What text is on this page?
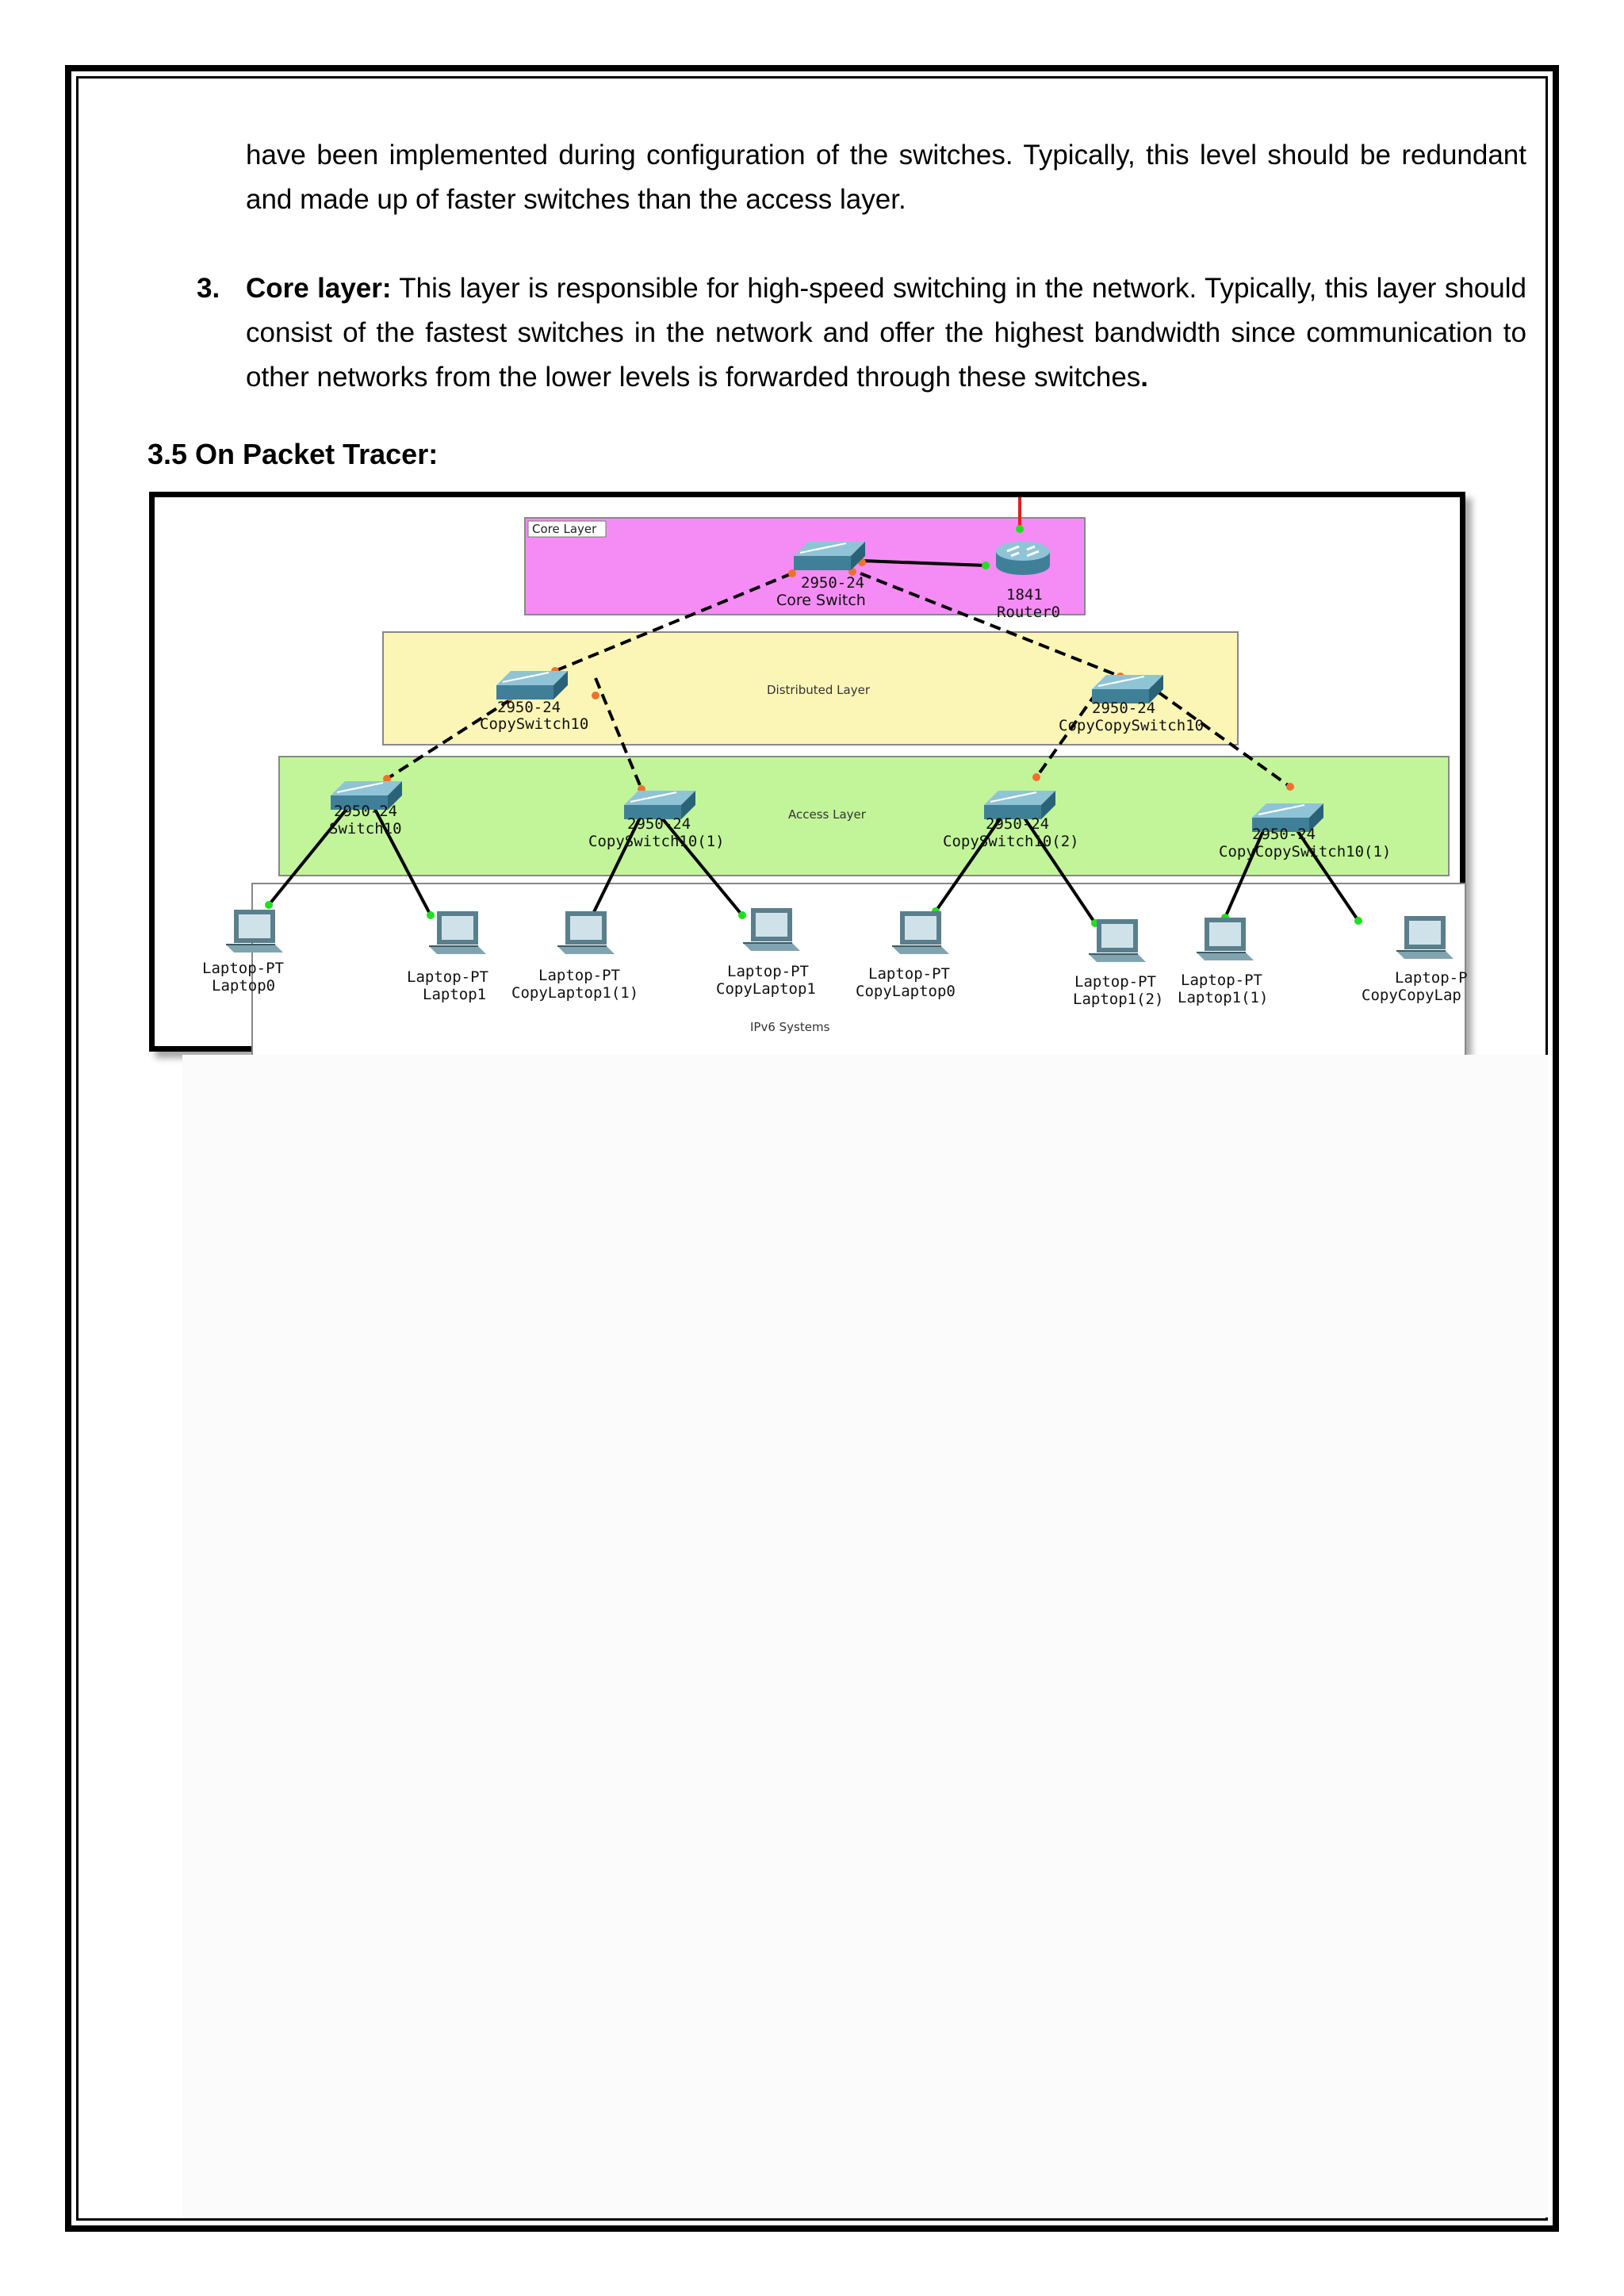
have been implemented during configuration of the switches. Typically, this level should be redundant and made up of faster switches than the access layer.
3. Core layer: This layer is responsible for high-speed switching in the network. Typically, this layer should consist of the fastest switches in the network and offer the highest bandwidth since communication to other networks from the lower levels is forwarded through these switches.
3.5 On Packet Tracer:
Core Layer
Distributed Layer
Access Layer
IPv6 Systems
2950-24
Core Switch	1841
Router0
2950-24
CopySwitch10
2950-24
CopyCopySwitch10
2950-24
Switch10	2950-24
CopySwitch10(1)
2950-24
CopySwitch10(2)	2950-24
CopyCopySwitch10(1)
Laptop-PT
Laptop0	Laptop-PT
Laptop1
Laptop-PT
CopyLaptop1(1)
Laptop-PT
CopyLaptop1
Laptop-PT
CopyLaptop0
Laptop-PT
Laptop1(2)
Laptop-PT
Laptop1(1)
Laptop-P
CopyCopyLap
